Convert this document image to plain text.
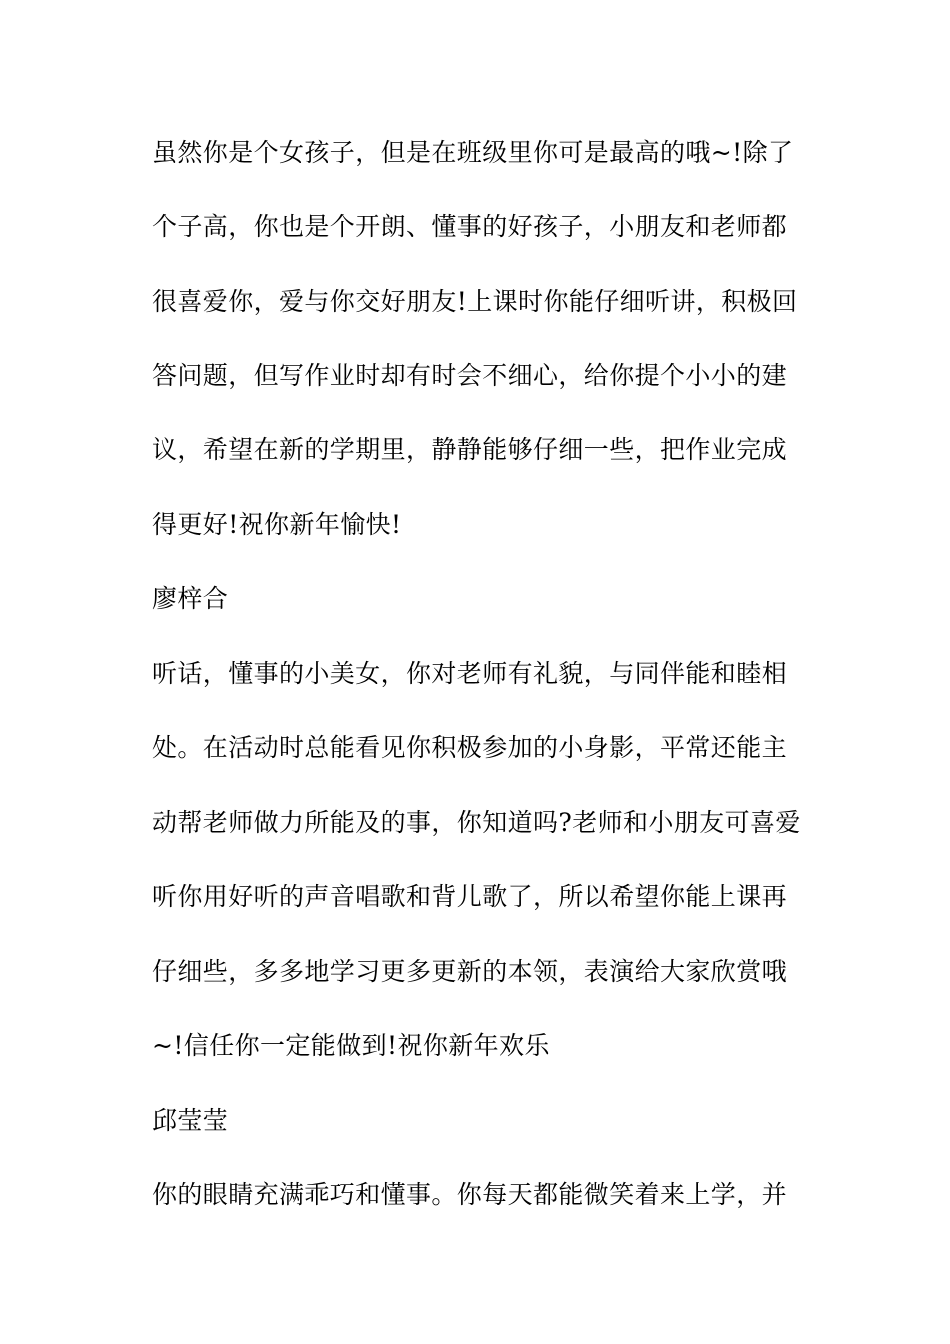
虽然你是个女孩子，但是在班级里你可是最高的哦~!除了
个子高，你也是个开朗、懂事的好孩子，小朋友和老师都
很喜爱你，爱与你交好朋友!上课时你能仔细听讲，积极回
答问题，但写作业时却有时会不细心，给你提个小小的建
议，希望在新的学期里，静静能够仔细一些，把作业完成
得更好!祝你新年愉快!
廖梓合
听话，懂事的小美女，你对老师有礼貌，与同伴能和睦相
处。在活动时总能看见你积极参加的小身影，平常还能主
动帮老师做力所能及的事，你知道吗?老师和小朋友可喜爱
听你用好听的声音唱歌和背儿歌了，所以希望你能上课再
仔细些，多多地学习更多更新的本领，表演给大家欣赏哦
~!信任你一定能做到!祝你新年欢乐
邱莹莹
你的眼睛充满乖巧和懂事。你每天都能微笑着来上学，并
